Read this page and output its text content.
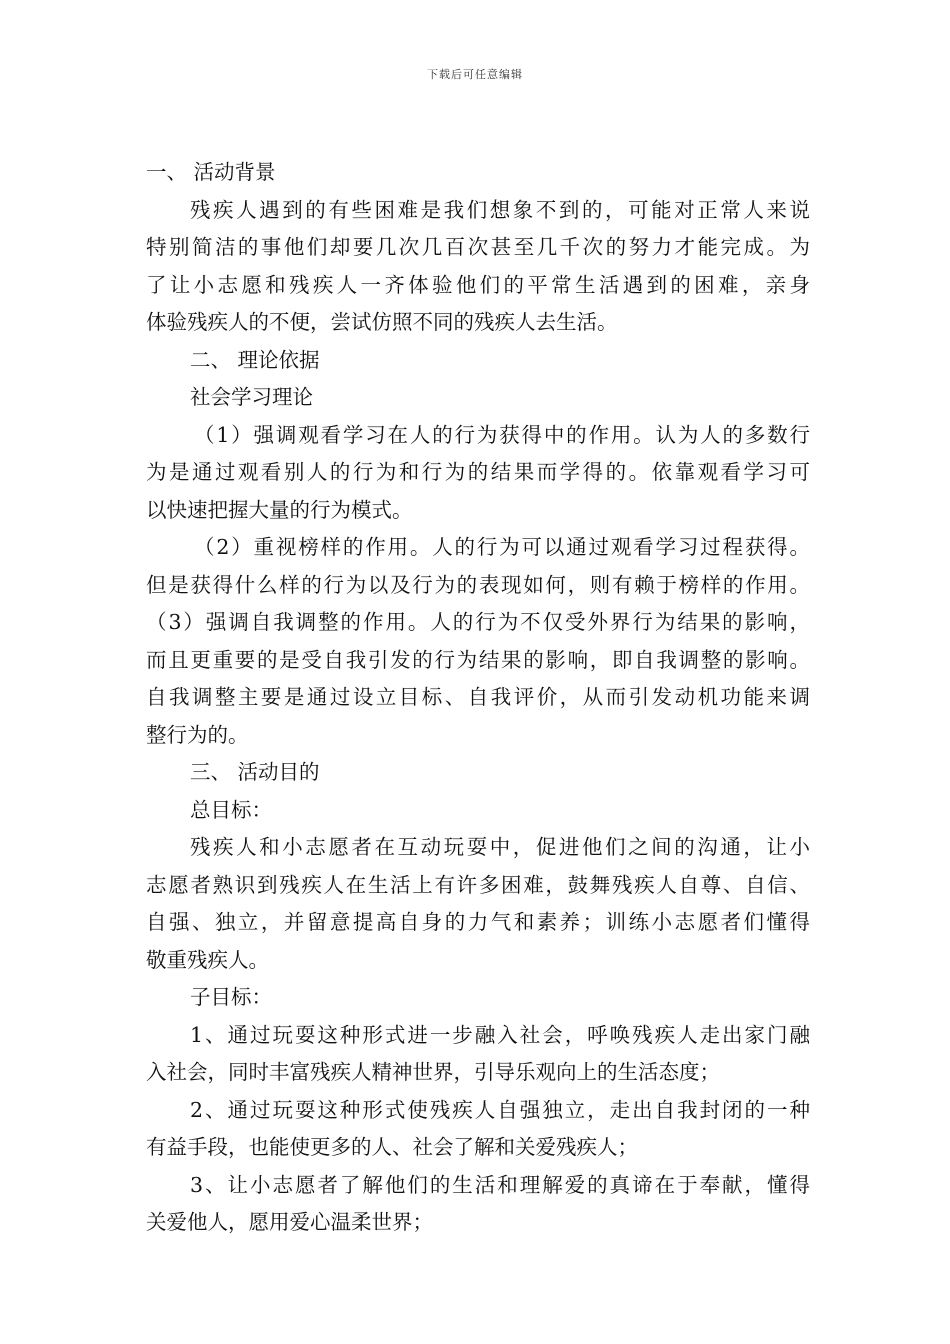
下载后可任意编辑
一、 活动背景
残疾人遇到的有些困难是我们想象不到的，可能对正常人来说
特别简洁的事他们却要几次几百次甚至几千次的努力才能完成。为
了让小志愿和残疾人一齐体验他们的平常生活遇到的困难，亲身
体验残疾人的不便，尝试仿照不同的残疾人去生活。
二、 理论依据
社会学习理论
（1）强调观看学习在人的行为获得中的作用。认为人的多数行
为是通过观看别人的行为和行为的结果而学得的。依靠观看学习可
以快速把握大量的行为模式。
（2）重视榜样的作用。人的行为可以通过观看学习过程获得。
但是获得什么样的行为以及行为的表现如何，则有赖于榜样的作用。
（3）强调自我调整的作用。人的行为不仅受外界行为结果的影响，
而且更重要的是受自我引发的行为结果的影响，即自我调整的影响。
自我调整主要是通过设立目标、自我评价，从而引发动机功能来调
整行为的。
三、 活动目的
总目标：
残疾人和小志愿者在互动玩耍中，促进他们之间的沟通，让小
志愿者熟识到残疾人在生活上有许多困难，鼓舞残疾人自尊、自信、
自强、独立，并留意提高自身的力气和素养；训练小志愿者们懂得
敬重残疾人。
子目标：
1、通过玩耍这种形式进一步融入社会，呼唤残疾人走出家门融
入社会，同时丰富残疾人精神世界，引导乐观向上的生活态度；
2、通过玩耍这种形式使残疾人自强独立，走出自我封闭的一种
有益手段，也能使更多的人、社会了解和关爱残疾人；
3、让小志愿者了解他们的生活和理解爱的真谛在于奉献，懂得
关爱他人，愿用爱心温柔世界；
